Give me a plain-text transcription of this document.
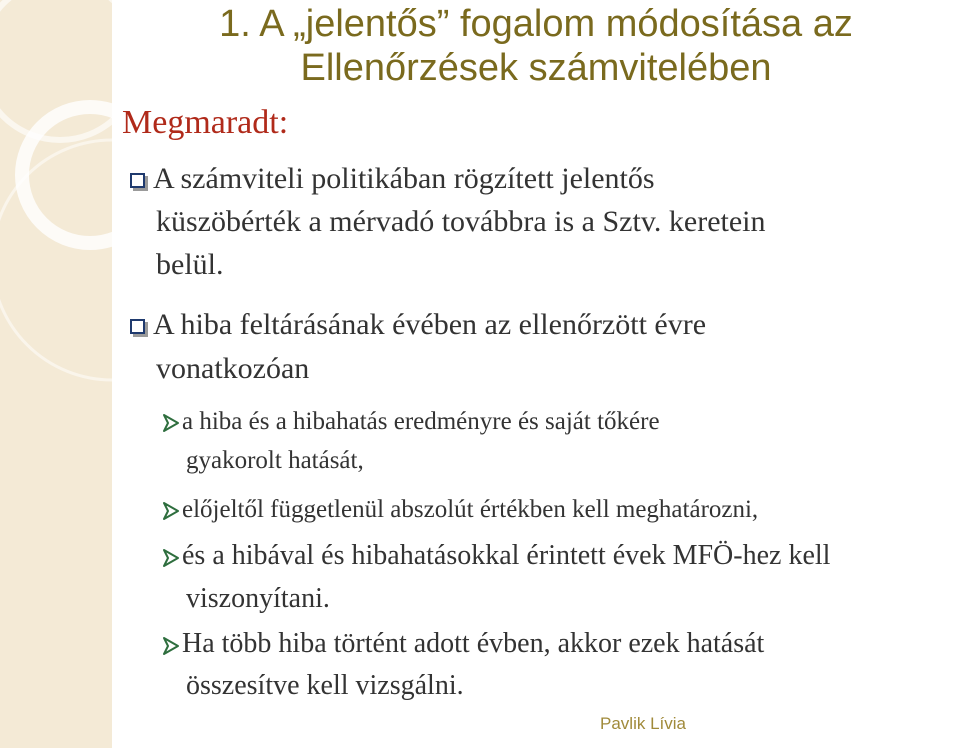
1. A „jelentős” fogalom módosítása az
Ellenőrzések számvitelében
Megmaradt:
A számviteli politikában rögzített jelentős
küszöbérték a mérvadó továbbra is a Sztv. keretein
belül.
A hiba feltárásának évében az ellenőrzött évre
vonatkozóan
a hiba és a hibahatás eredményre és saját tőkére
gyakorolt hatását,
előjeltől függetlenül abszolút értékben kell meghatározni,
és a hibával és hibahatásokkal érintett évek MFÖ-hez kell
viszonyítani.
Ha több hiba történt adott évben, akkor ezek hatását
összesítve kell vizsgálni.
Pavlik Lívia
